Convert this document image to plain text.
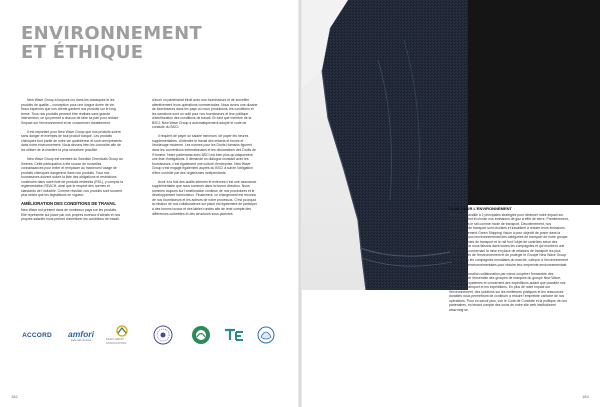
ENVIRONNEMENT
ET ÉTHIQUE

New Wave Group a toujours cru dans les classiques et les produits de qualité – conception pour une longue durée de vie. Nous espérons que nos clients gardent nos produits sur le long terme. Tous nos produits peuvent être réalisés sans grande intervention, ce qui permet à chacun de faire sa part pour réduire l'impact sur l'environnement et de consommer durablement.

Il est important pour New Wave Group que nos produits soient sans danger et exempts de tout produit toxique. Les produits chimiques font partie de notre vie quotidienne et sont omniprésents dans notre environnement. Nous devons bien les connaître afin de les utiliser de la manière la plus sécurisée possible.

New Wave Group est membre du Swedish Chemicals Group au Swerea. Cette participation a été source de nouvelles connaissances pour éviter et remplacer au maximum l'usage de produits chimiques dangereux dans nos produits. Tous nos fournisseurs doivent suivre la liste des obligations et restrictions contenues dans notre liste de produits restreints (RSL), y compris la réglementation REACH, ainsi que le respect des normes et standards de l'industrie. Comme résultat, nos produits sont souvent plus stricts que les législations en vigueur.

AMÉLIORATION DES CONDITIONS DE TRAVAIL

New Wave est présent dans de nombreux pays sur les produits. Elle représente sur place par nos propres bureaux d'achats et nos propres salariés nous permet d'améliorer les conditions de travail.

d'avoir un partenariat étroit avec nos fournisseurs et de surveiller attentivement leurs opérations commerciales. Nous avons une dizaine de fournisseurs dans les pays où nous produisons, les conditions et les sanctions sont un outil pour nos fournisseurs et leur politique d'amélioration des conditions de travail. En tant que membre de la BSCI, New Wave Group a automatiquement adopté le code de conduite du BSCI.

Il requiert de payer un salaire minimum, de payer les heures supplémentaires, d'interdire le travail des enfants et forcés et l'esclavage moderne. Les normes pour les Droits Humains figurent dans les conventions internationales et les déclarations des Droits de l'Homme. Notre partenariat avec BSCI est bien plus qu'uniquement une liste d'obligations. Il demande un dialogue constant avec les fournisseurs, c'est également une culture d'entreprise. New Wave Group s'est engagé également auprès du BSCI à suivre l'obligation d'être contrôlé par des organismes indépendants.

Avoir à la fois des audits internes et externes c'est une assurance supplémentaire que nous sommes dans la bonne direction. Nous sommes toujours sur l'amélioration continue de nos procédures et le développement harmonieux. Finalement, ce changement est reconnu de nos fournisseurs et les acteurs de notre processus. C'est pourquoi la mission de nos collaborateurs sur place est également de participer à des forums locaux et des tables rondes afin de tenir compte des différences culturelles et des structures sous-jacentes.

ACCORD amfori
trade with purpose	FAIR LABOR ASSOCIATION
182

PLUS POUR L'ENVIRONNEMENT

New Wave travaille à 2 principales stratégies pour diminuer notre impact sur l'environnement et choisir nos émissions de gaz à effet de serre. Premièrement, nous utilisons le rail comme mode de transport. Deuxièmement, nos compagnies de transport sont choisies et travaillent à réduire leurs émissions. Notre département Green Shipping Vision a pour objectif de poser dans la balance un souci environnemental des catégories de transport de notre groupe. Ces compagnies de transport et le rail font l'objet de contrôles selon des études, ce que nous faisons dans toutes les compagnies et qui montrent une amélioration concernant la mise en place de relations de transport les plus respectueuses de l'environnement et de protéger le Groupe New Wave Group travaille avec les compagnies mondiales du marché, caleçon à l'environnement des délivres environnementales pour réduire leur empreinte environnementale.

De collaboration collaboration par mieux coopérer l'ensemble des compagnies et l'ensemble des groupes de marques du groupe New Wave, nous dirons, systèmes et concernent des expéditions autant que possible nos besoins en transport et les expéditions. En plus de notre impact sur l'environnement, des solutions sur les meilleures pratiques et les ressources durables nous permettront de continuer à réduire l'empreinte carbone de nos opérations. Pour en savoir plus, voir le Code de Conduite et la politique de nos partenaires, en tenant compte des soins de notre site web institutionnel www.nwg.se.

183
